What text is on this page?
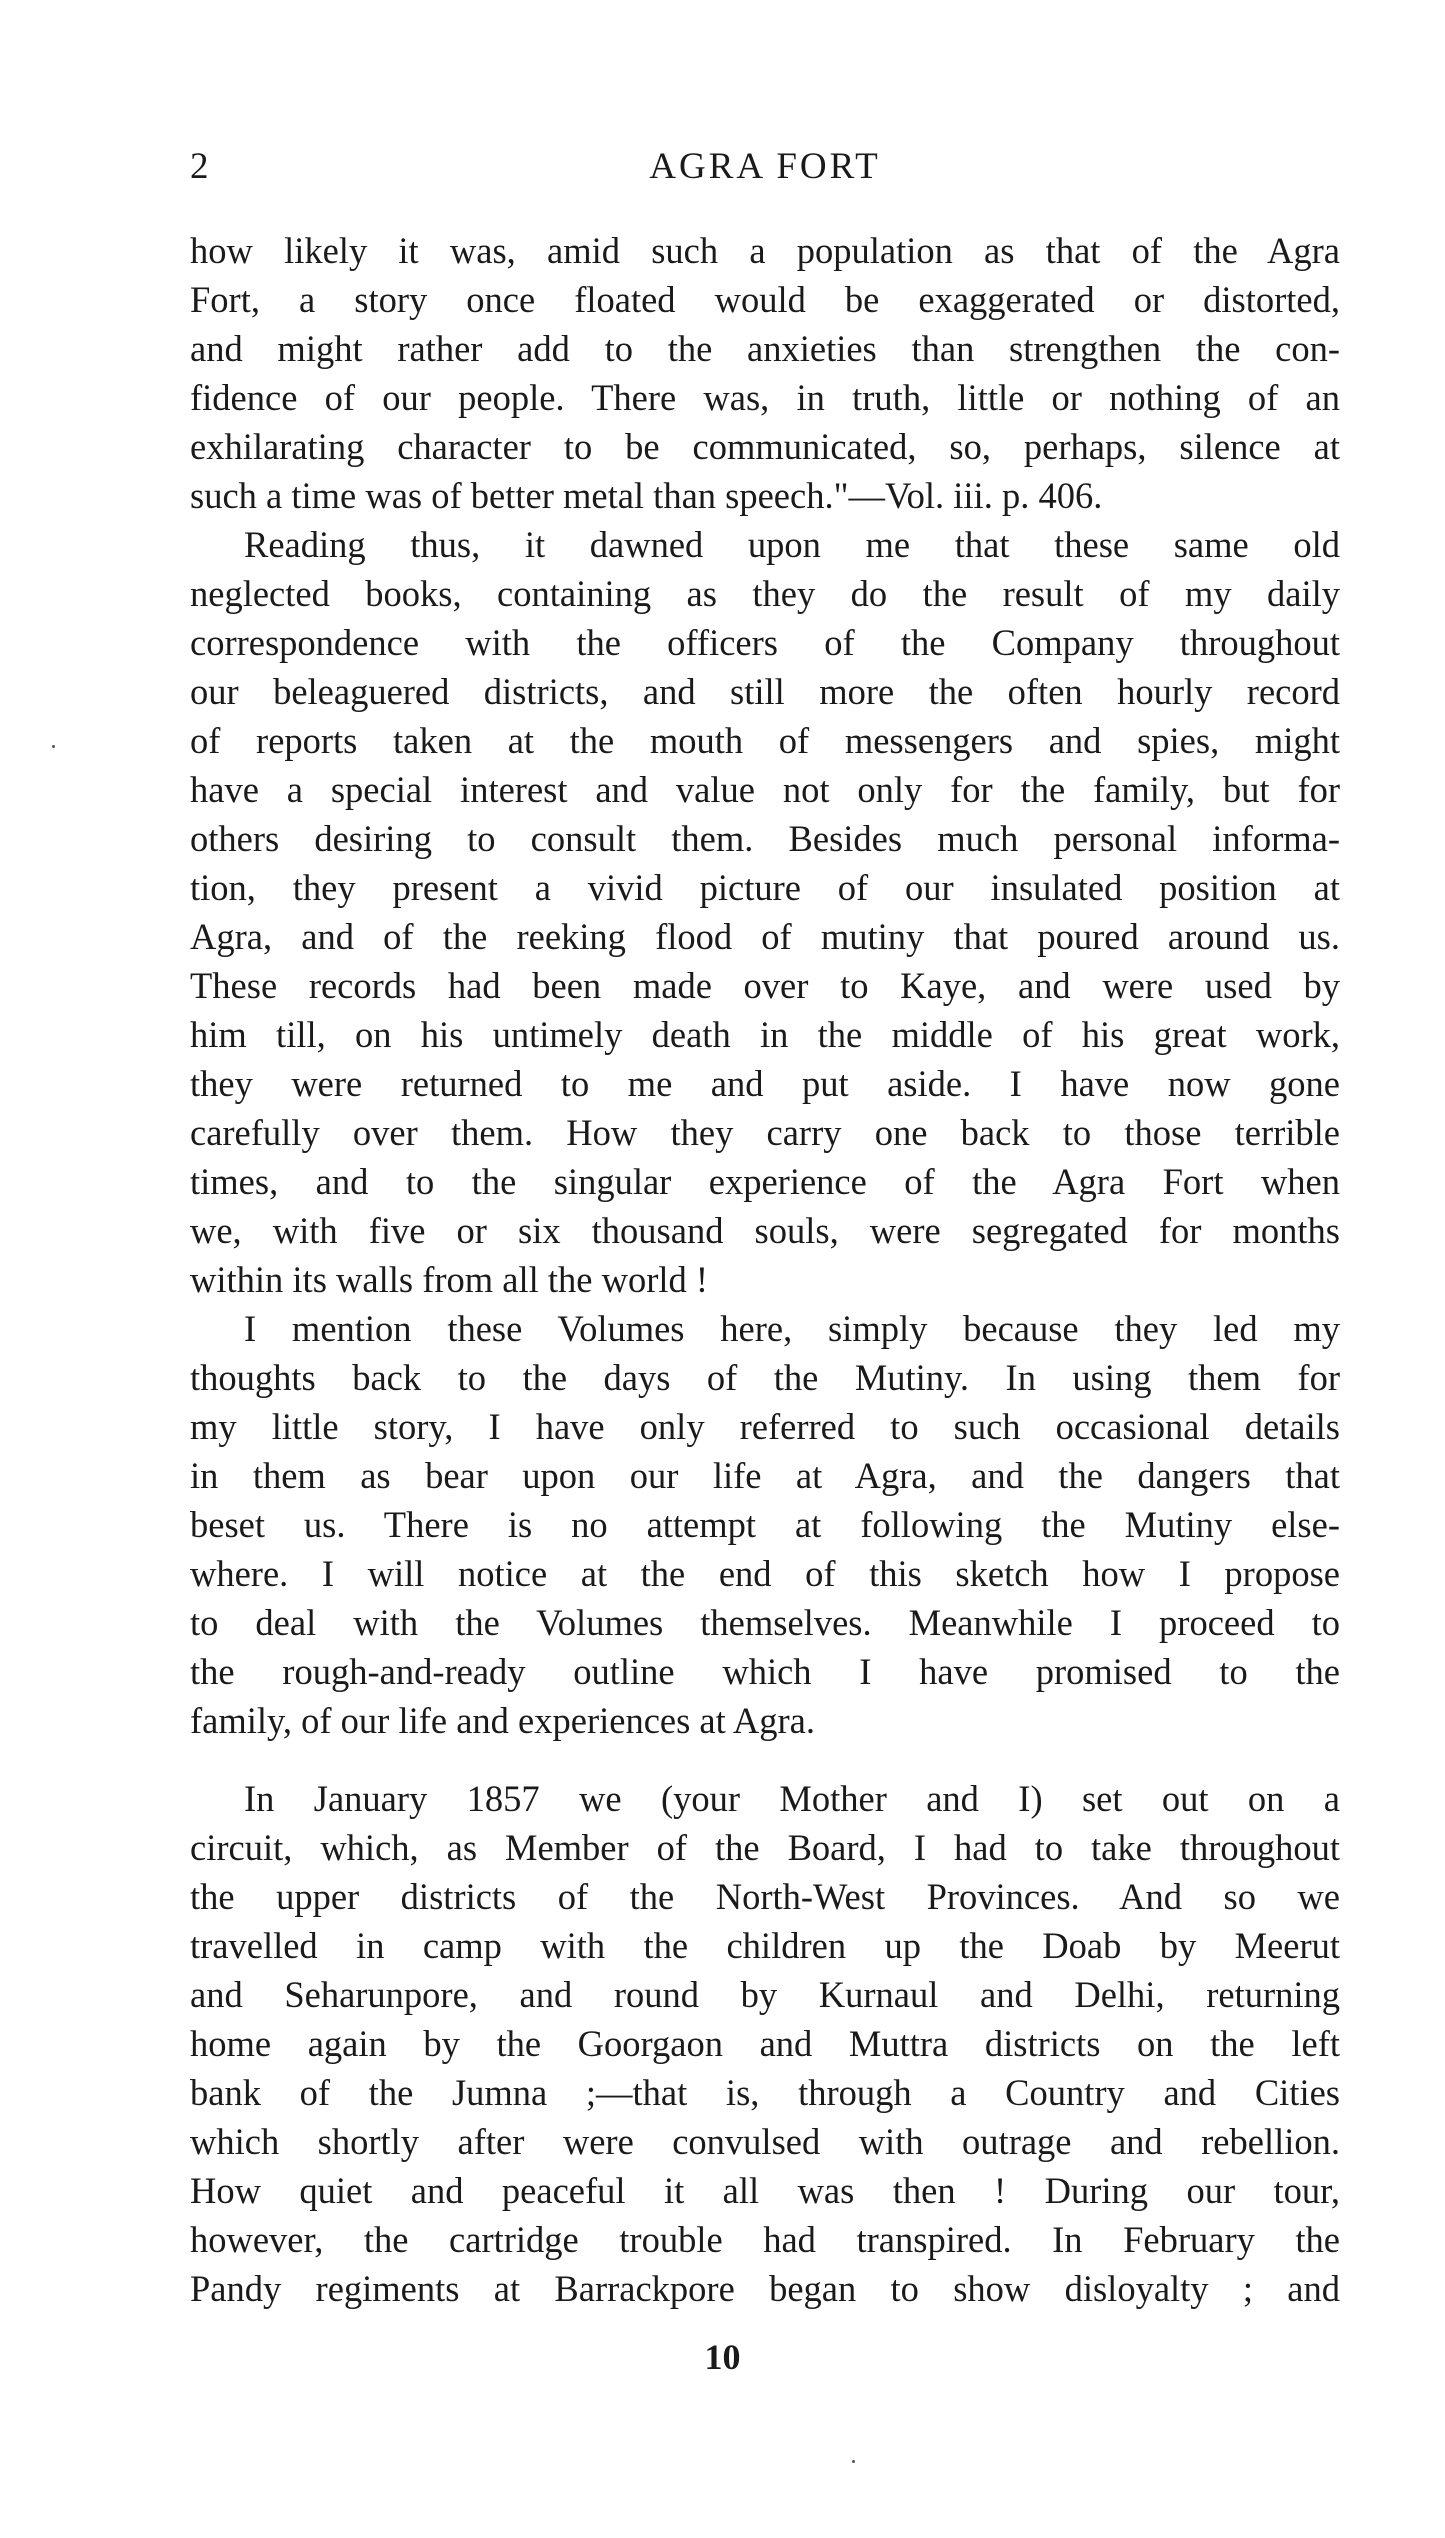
2	AGRA FORT
how likely it was, amid such a population as that of the Agra
Fort, a story once floated would be exaggerated or distorted,
and might rather add to the anxieties than strengthen the con-
fidence of our people. There was, in truth, little or nothing of an
exhilarating character to be communicated, so, perhaps, silence at
such a time was of better metal than speech."—Vol. iii. p. 406.
Reading thus, it dawned upon me that these same old
neglected books, containing as they do the result of my daily
correspondence with the officers of the Company throughout
our beleaguered districts, and still more the often hourly record
of reports taken at the mouth of messengers and spies, might
have a special interest and value not only for the family, but for
others desiring to consult them. Besides much personal informa-
tion, they present a vivid picture of our insulated position at
Agra, and of the reeking flood of mutiny that poured around us.
These records had been made over to Kaye, and were used by
him till, on his untimely death in the middle of his great work,
they were returned to me and put aside. I have now gone
carefully over them. How they carry one back to those terrible
times, and to the singular experience of the Agra Fort when
we, with five or six thousand souls, were segregated for months
within its walls from all the world !
I mention these Volumes here, simply because they led my
thoughts back to the days of the Mutiny. In using them for
my little story, I have only referred to such occasional details
in them as bear upon our life at Agra, and the dangers that
beset us. There is no attempt at following the Mutiny else-
where. I will notice at the end of this sketch how I propose
to deal with the Volumes themselves. Meanwhile I proceed to
the rough-and-ready outline which I have promised to the
family, of our life and experiences at Agra.
In January 1857 we (your Mother and I) set out on a
circuit, which, as Member of the Board, I had to take throughout
the upper districts of the North-West Provinces. And so we
travelled in camp with the children up the Doab by Meerut
and Seharunpore, and round by Kurnaul and Delhi, returning
home again by the Goorgaon and Muttra districts on the left
bank of the Jumna ;—that is, through a Country and Cities
which shortly after were convulsed with outrage and rebellion.
How quiet and peaceful it all was then ! During our tour,
however, the cartridge trouble had transpired. In February the
Pandy regiments at Barrackpore began to show disloyalty ; and
10
